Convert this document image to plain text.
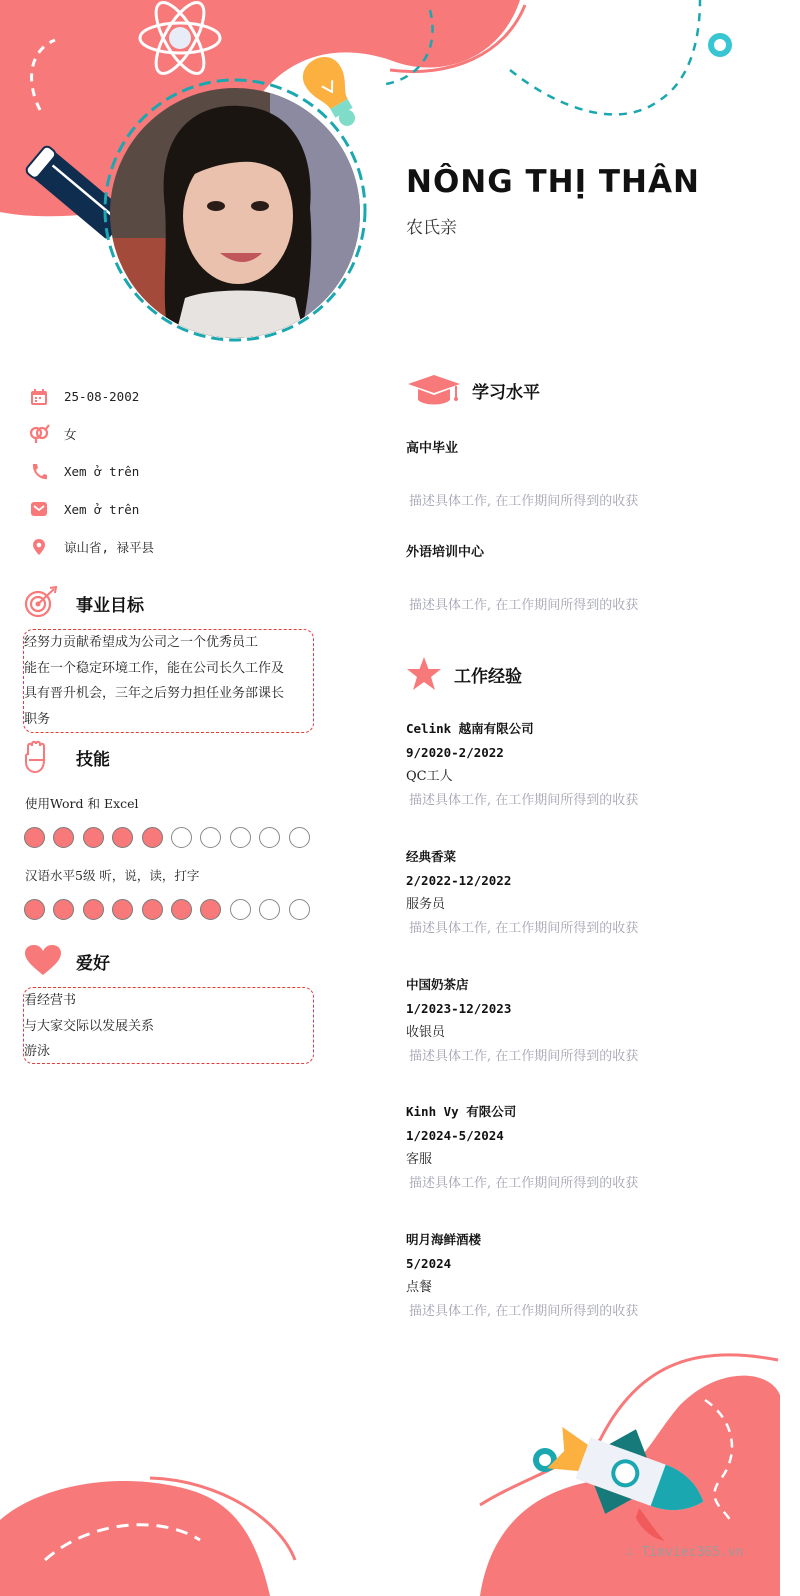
NÔNG THỊ THÂN
农氏亲
25-08-2002
女
Xem ở trên
Xem ở trên
谅山省, 禄平县
事业目标
经努力贡献希望成为公司之一个优秀员工
能在一个稳定环境工作，能在公司长久工作及
具有晋升机会，三年之后努力担任业务部课长
职务
技能
使用Word 和 Excel
汉语水平5级 听，说，读，打字
爱好
看经营书
与大家交际以发展关系
游泳
学习水平
高中毕业
描述具体工作, 在工作期间所得到的收获
外语培训中心
描述具体工作, 在工作期间所得到的收获
工作经验
Celink 越南有限公司
9/2020-2/2022
QC工人
描述具体工作, 在工作期间所得到的收获
经典香菜
2/2022-12/2022
服务员
描述具体工作, 在工作期间所得到的收获
中国奶茶店
1/2023-12/2023
收银员
描述具体工作, 在工作期间所得到的收获
Kinh Vy 有限公司
1/2024-5/2024
客服
描述具体工作, 在工作期间所得到的收获
明月海鲜酒楼
5/2024
点餐
描述具体工作, 在工作期间所得到的收获
∴ Timviec365.vn
